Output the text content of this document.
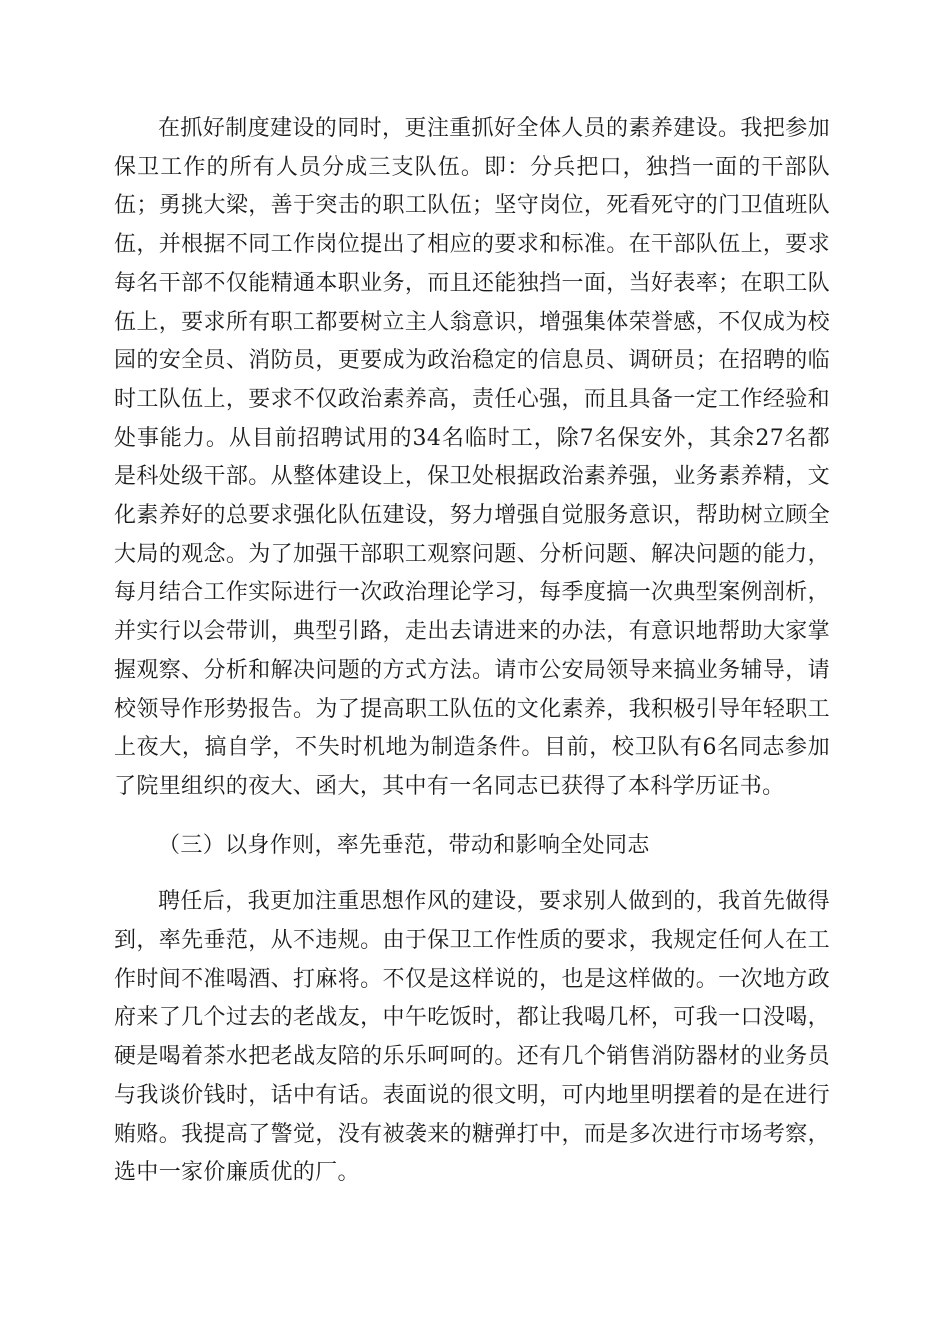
在抓好制度建设的同时，更注重抓好全体人员的素养建设。我把参加保卫工作的所有人员分成三支队伍。即：分兵把口，独挡一面的干部队伍；勇挑大梁，善于突击的职工队伍；坚守岗位，死看死守的门卫值班队伍，并根据不同工作岗位提出了相应的要求和标准。在干部队伍上，要求每名干部不仅能精通本职业务，而且还能独挡一面，当好表率；在职工队伍上，要求所有职工都要树立主人翁意识，增强集体荣誉感，不仅成为校园的安全员、消防员，更要成为政治稳定的信息员、调研员；在招聘的临时工队伍上，要求不仅政治素养高，责任心强，而且具备一定工作经验和处事能力。从目前招聘试用的34名临时工，除7名保安外，其余27名都是科处级干部。从整体建设上，保卫处根据政治素养强，业务素养精，文化素养好的总要求强化队伍建设，努力增强自觉服务意识，帮助树立顾全大局的观念。为了加强干部职工观察问题、分析问题、解决问题的能力，每月结合工作实际进行一次政治理论学习，每季度搞一次典型案例剖析，并实行以会带训，典型引路，走出去请进来的办法，有意识地帮助大家掌握观察、分析和解决问题的方式方法。请市公安局领导来搞业务辅导，请校领导作形势报告。为了提高职工队伍的文化素养，我积极引导年轻职工上夜大，搞自学，不失时机地为制造条件。目前，校卫队有6名同志参加了院里组织的夜大、函大，其中有一名同志已获得了本科学历证书。

（三）以身作则，率先垂范，带动和影响全处同志

聘任后，我更加注重思想作风的建设，要求别人做到的，我首先做得到，率先垂范，从不违规。由于保卫工作性质的要求，我规定任何人在工作时间不准喝酒、打麻将。不仅是这样说的，也是这样做的。一次地方政府来了几个过去的老战友，中午吃饭时，都让我喝几杯，可我一口没喝，硬是喝着茶水把老战友陪的乐乐呵呵的。还有几个销售消防器材的业务员与我谈价钱时，话中有话。表面说的很文明，可内地里明摆着的是在进行贿赂。我提高了警觉，没有被袭来的糖弹打中，而是多次进行市场考察，选中一家价廉质优的厂。
